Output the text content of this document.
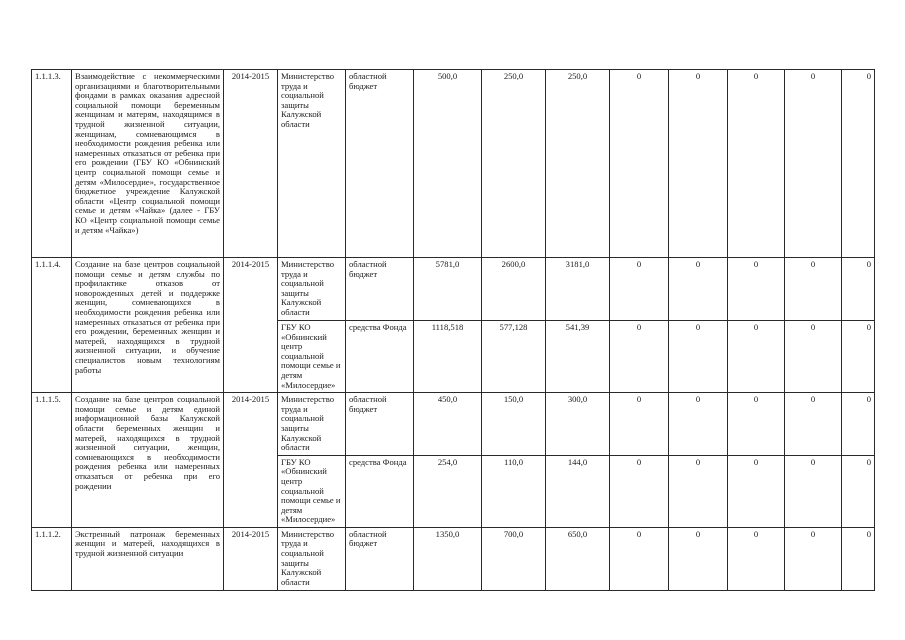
1.1.1.3.	Взаимодействие с некоммерческими организациями и благотворительными фондами в рамках оказания адресной социальной помощи беременным женщинам и матерям, находящимся в трудной жизненной ситуации, женщинам, сомневающимся в необходимости рождения ребенка или намеренных отказаться от ребенка при его рождении (ГБУ КО «Обнинский центр социальной помощи семье и детям «Милосердие», государственное бюджетное учреждение Калужской области «Центр социальной помощи семье и детям «Чайка» (далее - ГБУ КО «Центр социальной помощи семье и детям «Чайка»)	2014-2015	Министерство труда и социальной защиты Калужской области	областной бюджет	500,0	250,0	250,0	0	0	0	0	0
1.1.1.4.	Создание на базе центров социальной помощи семье и детям службы по профилактике отказов от новорожденных детей и поддержке женщин, сомневающихся в необходимости рождения ребенка или намеренных отказаться от ребенка при его рождении, беременных женщин и матерей, находящихся в трудной жизненной ситуации, и обучение специалистов новым технологиям работы	2014-2015	Министерство труда и социальной защиты Калужской области	областной бюджет	5781,0	2600,0	3181,0	0	0	0	0	0
			ГБУ КО «Обнинский центр социальной помощи семье и детям «Милосердие»	средства Фонда	1118,518	577,128	541,39	0	0	0	0	0
1.1.1.5.	Создание на базе центров социальной помощи семье и детям единой информационной базы Калужской области беременных женщин и матерей, находящихся в трудной жизненной ситуации, женщин, сомневающихся в необходимости рождения ребенка или намеренных отказаться от ребенка при его рождении	2014-2015	Министерство труда и социальной защиты Калужской области	областной бюджет	450,0	150,0	300,0	0	0	0	0	0
			ГБУ КО «Обнинский центр социальной помощи семье и детям «Милосердие»	средства Фонда	254,0	110,0	144,0	0	0	0	0	0
1.1.1.2.	Экстренный патронаж беременных женщин и матерей, находящихся в трудной жизненной ситуации	2014-2015	Министерство труда и социальной защиты Калужской области	областной бюджет	1350,0	700,0	650,0	0	0	0	0	0
